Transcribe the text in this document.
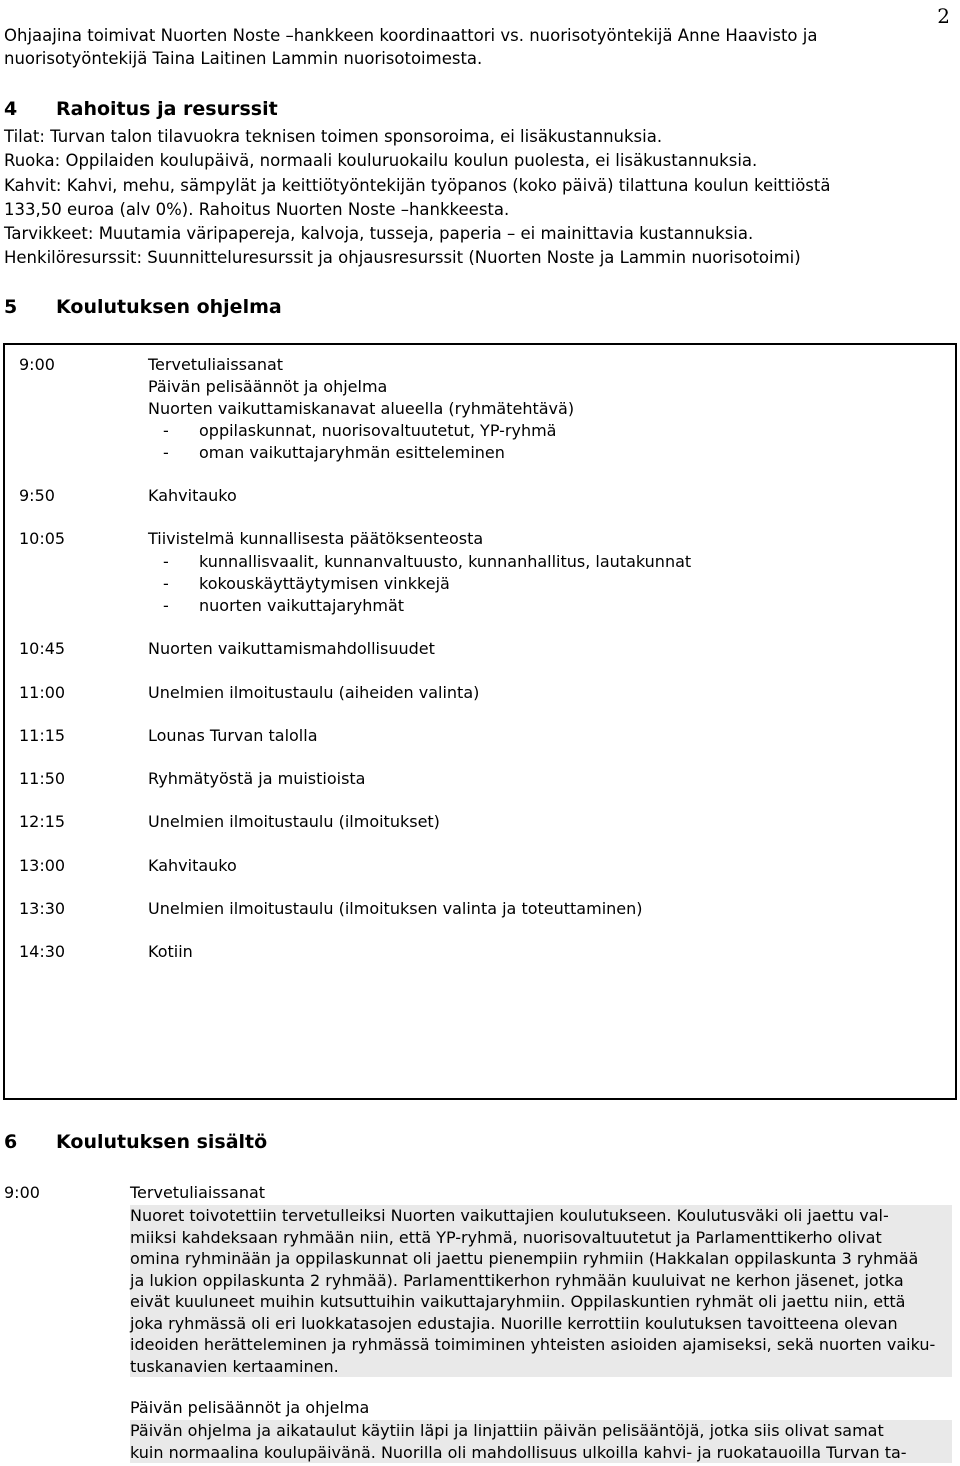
2
Ohjaajina toimivat Nuorten Noste –hankkeen koordinaattori vs. nuorisotyöntekijä Anne Haavisto ja
nuorisotyöntekijä Taina Laitinen Lammin nuorisotoimesta.
4 Rahoitus ja resurssit
Tilat: Turvan talon tilavuokra teknisen toimen sponsoroima, ei lisäkustannuksia.
Ruoka: Oppilaiden koulupäivä, normaali kouluruokailu koulun puolesta, ei lisäkustannuksia.
Kahvit: Kahvi, mehu, sämpylät ja keittiötyöntekijän työpanos (koko päivä) tilattuna koulun keittiöstä
133,50 euroa (alv 0%). Rahoitus Nuorten Noste –hankkeesta.
Tarvikkeet: Muutamia väripapereja, kalvoja, tusseja, paperia – ei mainittavia kustannuksia.
Henkilöresurssit: Suunnitteluresurssit ja ohjausresurssit (Nuorten Noste ja Lammin nuorisotoimi)
5 Koulutuksen ohjelma
9:00	Tervetuliaissanat
Päivän pelisäännöt ja ohjelma
Nuorten vaikuttamiskanavat alueella (ryhmätehtävä)
- oppilaskunnat, nuorisovaltuutetut, YP-ryhmä
- oman vaikuttajaryhmän esitteleminen
9:50	Kahvitauko
10:05	Tiivistelmä kunnallisesta päätöksenteosta
- kunnallisvaalit, kunnanvaltuusto, kunnanhallitus, lautakunnat
- kokouskäyttäytymisen vinkkejä
- nuorten vaikuttajaryhmät
10:45	Nuorten vaikuttamismahdollisuudet
11:00	Unelmien ilmoitustaulu (aiheiden valinta)
11:15	Lounas Turvan talolla
11:50	Ryhmätyöstä ja muistioista
12:15	Unelmien ilmoitustaulu (ilmoitukset)
13:00	Kahvitauko
13:30	Unelmien ilmoitustaulu (ilmoituksen valinta ja toteuttaminen)
14:30	Kotiin
6 Koulutuksen sisältö
9:00	Tervetuliaissanat
Nuoret toivotettiin tervetulleiksi Nuorten vaikuttajien koulutukseen. Koulutusväki oli jaettu val-
miiksi kahdeksaan ryhmään niin, että YP-ryhmä, nuorisovaltuutetut ja Parlamenttikerho olivat
omina ryhminään ja oppilaskunnat oli jaettu pienempiin ryhmiin (Hakkalan oppilaskunta 3 ryhmää
ja lukion oppilaskunta 2 ryhmää). Parlamenttikerhon ryhmään kuuluivat ne kerhon jäsenet, jotka
eivät kuuluneet muihin kutsuttuihin vaikuttajaryhmiin. Oppilaskuntien ryhmät oli jaettu niin, että
joka ryhmässä oli eri luokkatasojen edustajia. Nuorille kerrottiin koulutuksen tavoitteena olevan
ideoiden herätteleminen ja ryhmässä toimiminen yhteisten asioiden ajamiseksi, sekä nuorten vaiku-
tuskanavien kertaaminen.
Päivän pelisäännöt ja ohjelma
Päivän ohjelma ja aikataulut käytiin läpi ja linjattiin päivän pelisääntöjä, jotka siis olivat samat
kuin normaalina koulupäivänä. Nuorilla oli mahdollisuus ulkoilla kahvi- ja ruokatauoilla Turvan ta-
